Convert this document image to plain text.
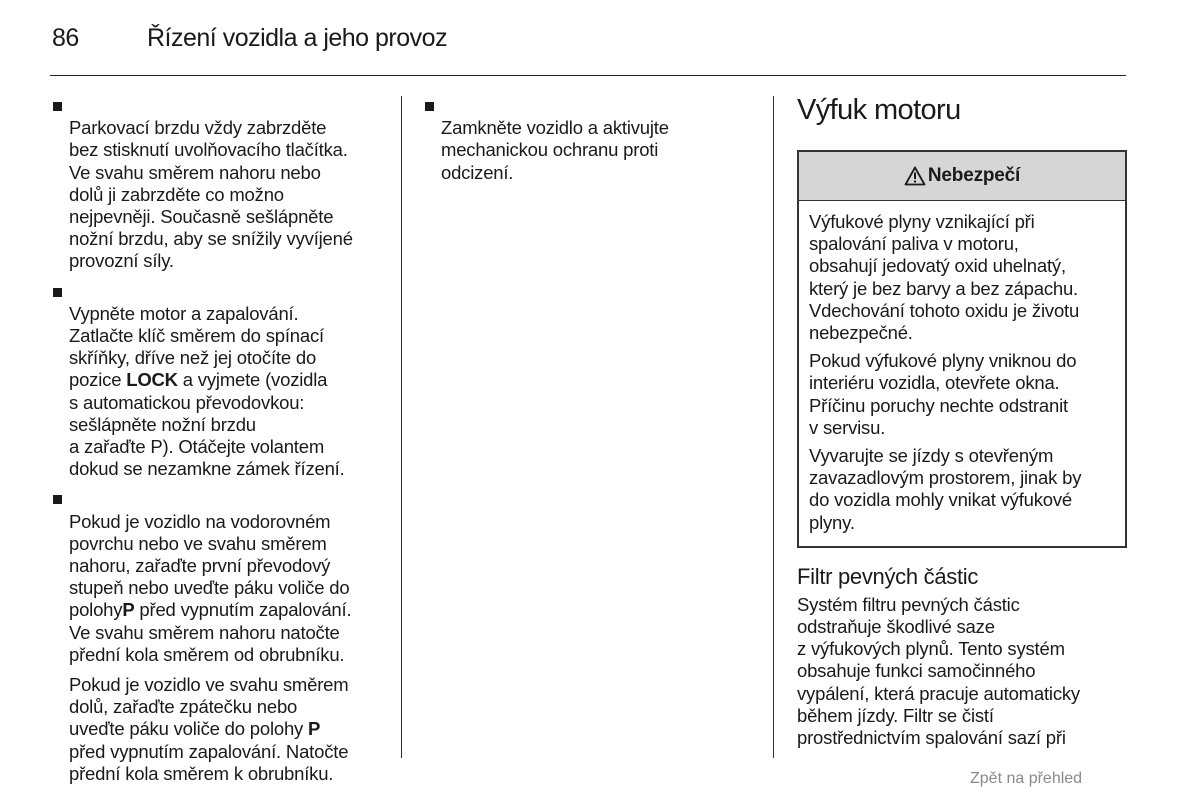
86	Řízení vozidla a jeho provoz

Parkovací brzdu vždy zabrzděte
bez stisknutí uvolňovacího tlačítka.
Ve svahu směrem nahoru nebo
dolů ji zabrzděte co možno
nejpevněji. Současně sešlápněte
nožní brzdu, aby se snížily vyvíjené
provozní síly.

Vypněte motor a zapalování.
Zatlačte klíč směrem do spínací
skříňky, dříve než jej otočíte do
pozice LOCK a vyjmete (vozidla
s automatickou převodovkou:
sešlápněte nožní brzdu
a zařaďte P). Otáčejte volantem
dokud se nezamkne zámek řízení.

Pokud je vozidlo na vodorovném
povrchu nebo ve svahu směrem
nahoru, zařaďte první převodový
stupeň nebo uveďte páku voliče do
polohyP před vypnutím zapalování.
Ve svahu směrem nahoru natočte
přední kola směrem od obrubníku.

Pokud je vozidlo ve svahu směrem
dolů, zařaďte zpátečku nebo
uveďte páku voliče do polohy P
před vypnutím zapalování. Natočte
přední kola směrem k obrubníku.

Zamkněte vozidlo a aktivujte
mechanickou ochranu proti
odcizení.

Výfuk motoru
Nebezpečí

Výfukové plyny vznikající při
spalování paliva v motoru,
obsahují jedovatý oxid uhelnatý,
který je bez barvy a bez zápachu.
Vdechování tohoto oxidu je životu
nebezpečné.

Pokud výfukové plyny vniknou do
interiéru vozidla, otevřete okna.
Příčinu poruchy nechte odstranit
v servisu.

Vyvarujte se jízdy s otevřeným
zavazadlovým prostorem, jinak by
do vozidla mohly vnikat výfukové
plyny.

Filtr pevných částic

Systém filtru pevných částic
odstraňuje škodlivé saze
z výfukových plynů. Tento systém
obsahuje funkci samočinného
vypálení, která pracuje automaticky
během jízdy. Filtr se čistí
prostřednictvím spalování sazí při

Zpět na přehled
